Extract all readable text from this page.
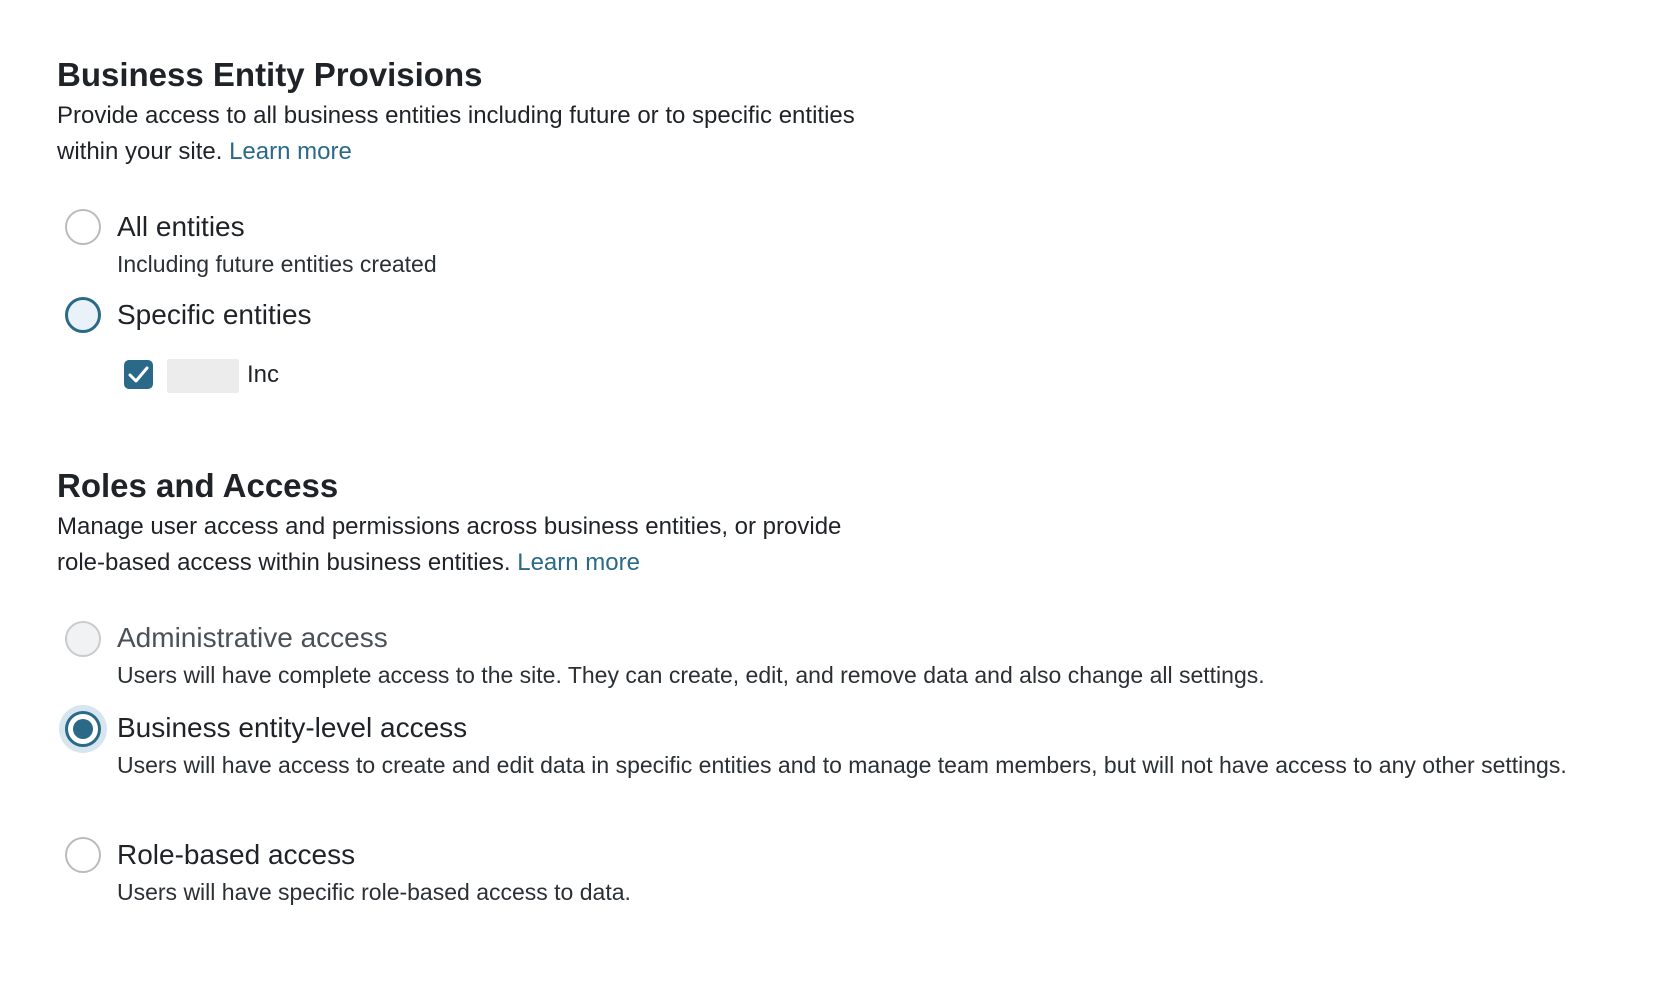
Business Entity Provisions

Provide access to all business entities including future or to specific entities within your site. Learn more

All entities
Including future entities created
Specific entities
Inc
Roles and Access

Manage user access and permissions across business entities, or provide role-based access within business entities. Learn more

Administrative access
Users will have complete access to the site. They can create, edit, and remove data and also change all settings.
Business entity-level access
Users will have access to create and edit data in specific entities and to manage team members, but will not have access to any other settings.
Role-based access
Users will have specific role-based access to data.
